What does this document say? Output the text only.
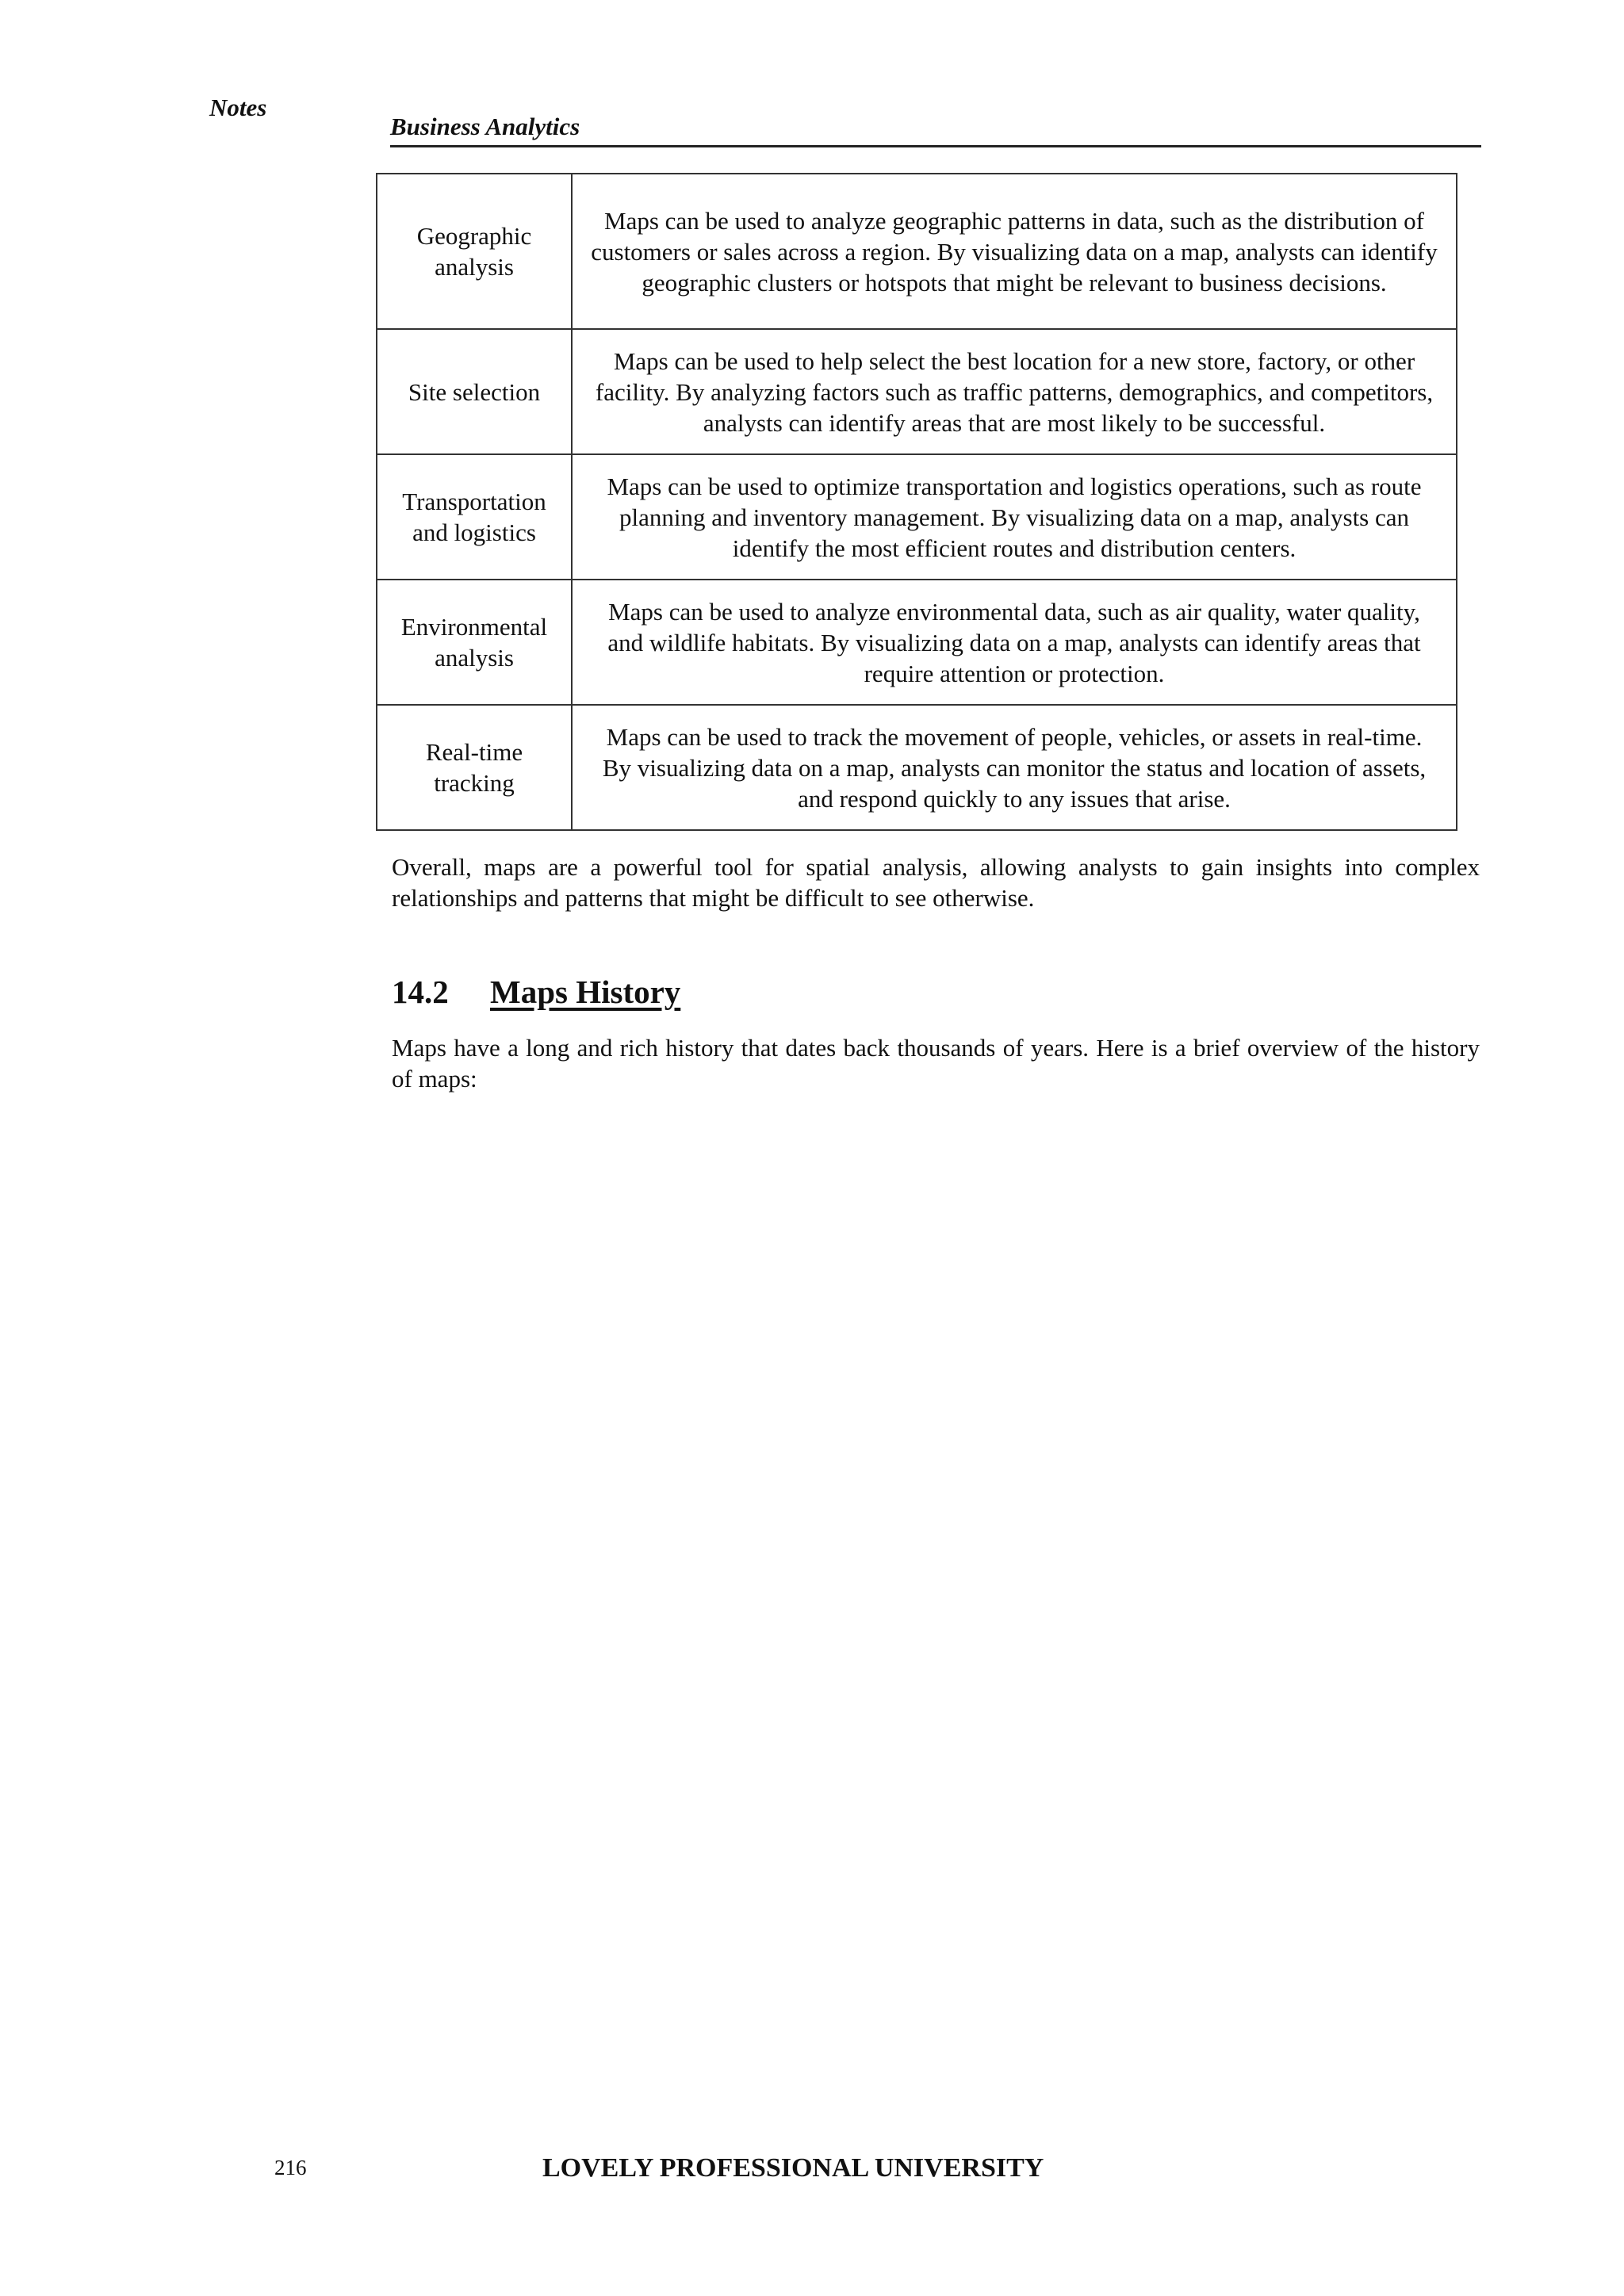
Notes
Business Analytics
Geographic analysis	Maps can be used to analyze geographic patterns in data, such as the distribution of customers or sales across a region. By visualizing data on a map, analysts can identify geographic clusters or hotspots that might be relevant to business decisions.
Site selection	Maps can be used to help select the best location for a new store, factory, or other facility. By analyzing factors such as traffic patterns, demographics, and competitors, analysts can identify areas that are most likely to be successful.
Transportation and logistics	Maps can be used to optimize transportation and logistics operations, such as route planning and inventory management. By visualizing data on a map, analysts can identify the most efficient routes and distribution centers.
Environmental analysis	Maps can be used to analyze environmental data, such as air quality, water quality, and wildlife habitats. By visualizing data on a map, analysts can identify areas that require attention or protection.
Real-time tracking	Maps can be used to track the movement of people, vehicles, or assets in real-time. By visualizing data on a map, analysts can monitor the status and location of assets, and respond quickly to any issues that arise.

Overall, maps are a powerful tool for spatial analysis, allowing analysts to gain insights into complex relationships and patterns that might be difficult to see otherwise.

14.2 Maps History

Maps have a long and rich history that dates back thousands of years. Here is a brief overview of the history of maps:

216	LOVELY PROFESSIONAL UNIVERSITY
